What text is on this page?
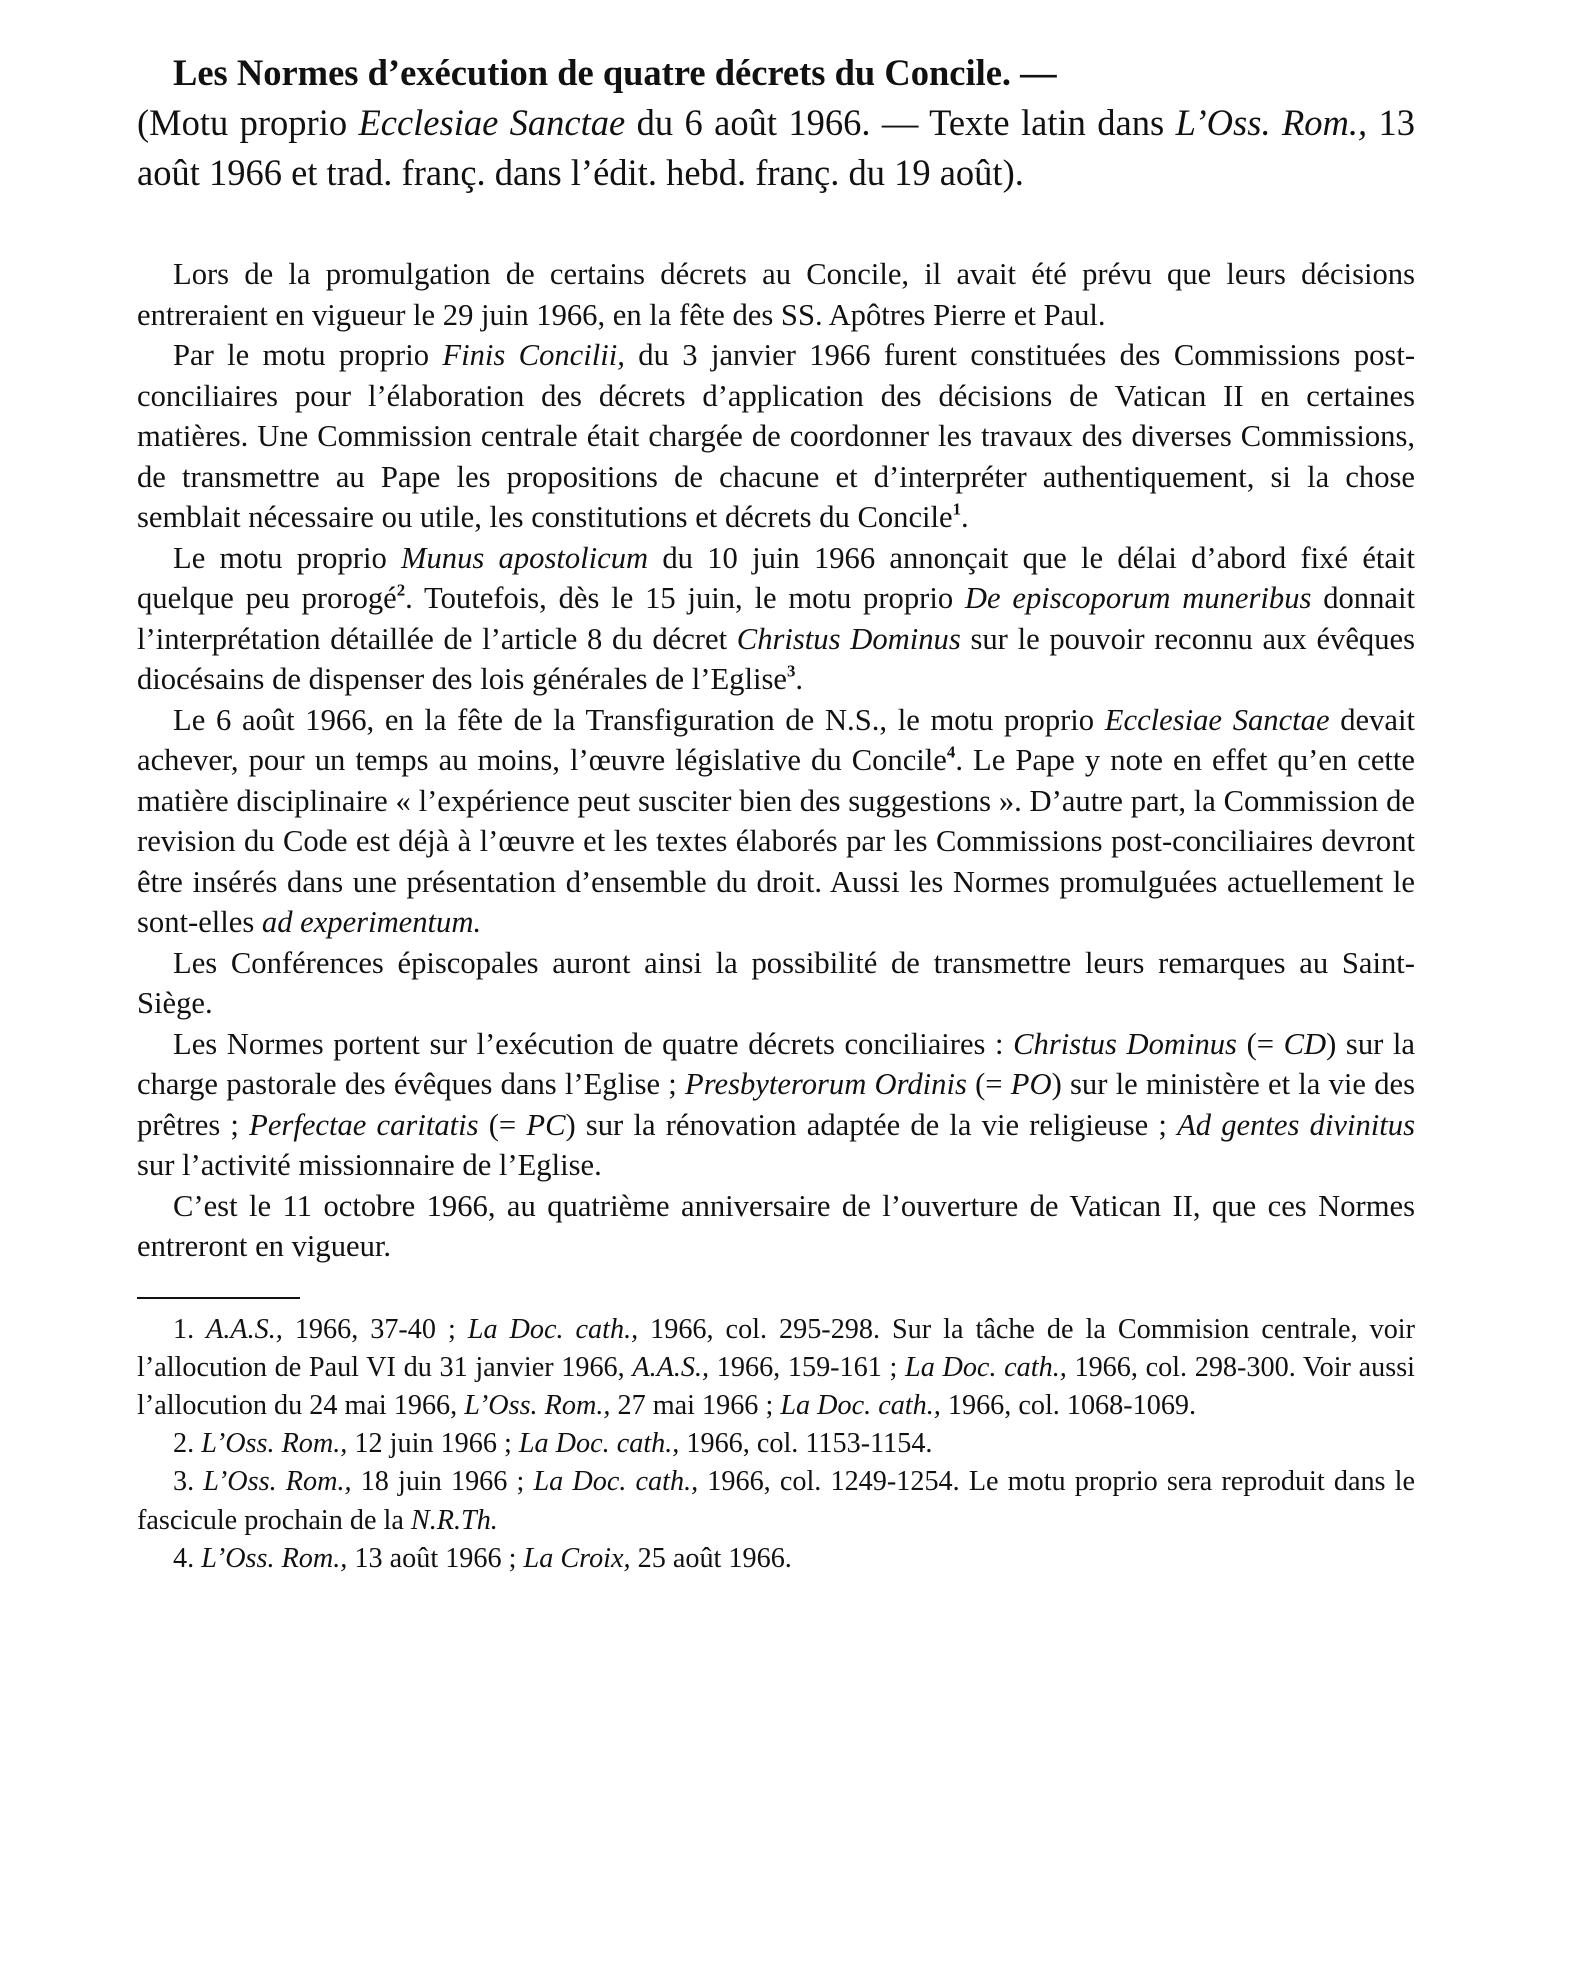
Les Normes d’exécution de quatre décrets du Concile. —
(Motu proprio Ecclesiae Sanctae du 6 août 1966. — Texte latin dans L’Oss. Rom., 13 août 1966 et trad. franç. dans l’édit. hebd. franç. du 19 août).

Lors de la promulgation de certains décrets au Concile, il avait été prévu que leurs décisions entreraient en vigueur le 29 juin 1966, en la fête des SS. Apôtres Pierre et Paul.

Par le motu proprio Finis Concilii, du 3 janvier 1966 furent constituées des Commissions post-conciliaires pour l’élaboration des décrets d’application des décisions de Vatican II en certaines matières. Une Commission centrale était chargée de coordonner les travaux des diverses Commissions, de transmettre au Pape les propositions de chacune et d’interpréter authentiquement, si la chose semblait nécessaire ou utile, les constitutions et décrets du Concile$^1$.

Le motu proprio Munus apostolicum du 10 juin 1966 annonçait que le délai d’abord fixé était quelque peu prorogé$^2$. Toutefois, dès le 15 juin, le motu proprio De episcoporum muneribus donnait l’interprétation détaillée de l’article 8 du décret Christus Dominus sur le pouvoir reconnu aux évêques diocésains de dispenser des lois générales de l’Eglise$^3$.

Le 6 août 1966, en la fête de la Transfiguration de N.S., le motu proprio Ecclesiae Sanctae devait achever, pour un temps au moins, l’œuvre législative du Concile$^4$. Le Pape y note en effet qu’en cette matière disciplinaire « l’expérience peut susciter bien des suggestions ». D’autre part, la Commission de revision du Code est déjà à l’œuvre et les textes élaborés par les Commissions post-conciliaires devront être insérés dans une présentation d’ensemble du droit. Aussi les Normes promulguées actuellement le sont-elles ad experimentum.

Les Conférences épiscopales auront ainsi la possibilité de transmettre leurs remarques au Saint-Siège.

Les Normes portent sur l’exécution de quatre décrets conciliaires : Christus Dominus (= CD) sur la charge pastorale des évêques dans l’Eglise ; Presbyterorum Ordinis (= PO) sur le ministère et la vie des prêtres ; Perfectae caritatis (= PC) sur la rénovation adaptée de la vie religieuse ; Ad gentes divinitus sur l’activité missionnaire de l’Eglise.

C’est le 11 octobre 1966, au quatrième anniversaire de l’ouverture de Vatican II, que ces Normes entreront en vigueur.

1. A.A.S., 1966, 37-40 ; La Doc. cath., 1966, col. 295-298. Sur la tâche de la Commision centrale, voir l’allocution de Paul VI du 31 janvier 1966, A.A.S., 1966, 159-161 ; La Doc. cath., 1966, col. 298-300. Voir aussi l’allocution du 24 mai 1966, L’Oss. Rom., 27 mai 1966 ; La Doc. cath., 1966, col. 1068-1069.

2. L’Oss. Rom., 12 juin 1966 ; La Doc. cath., 1966, col. 1153-1154.

3. L’Oss. Rom., 18 juin 1966 ; La Doc. cath., 1966, col. 1249-1254. Le motu proprio sera reproduit dans le fascicule prochain de la N.R.Th.

4. L’Oss. Rom., 13 août 1966 ; La Croix, 25 août 1966.
